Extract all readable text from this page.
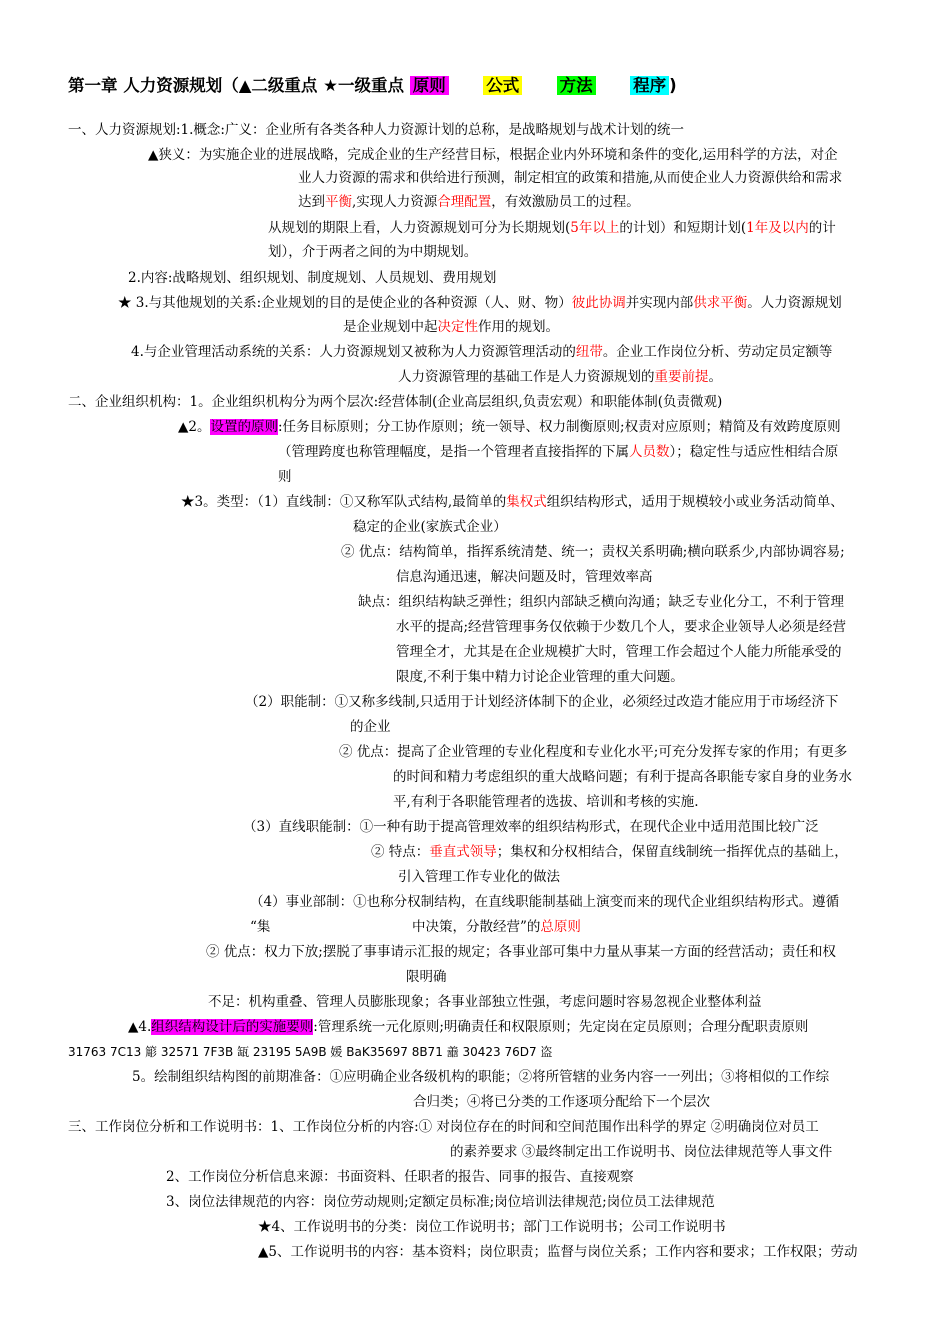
第一章 人力资源规划（▲二级重点 ★一级重点 原则 公式 方法 程序 )
一、人力资源规划:1.概念:广义：企业所有各类各种人力资源计划的总称，是战略规划与战术计划的统一
▲狭义：为实施企业的进展战略，完成企业的生产经营目标，根据企业内外环境和条件的变化,运用科学的方法，对企
业人力资源的需求和供给进行预测，制定相宜的政策和措施,从而使企业人力资源供给和需求
达到平衡,实现人力资源合理配置，有效激励员工的过程。
从规划的期限上看，人力资源规划可分为长期规划(5年以上的计划）和短期计划(1年及以内的计
划），介于两者之间的为中期规划。
2.内容:战略规划、组织规划、制度规划、人员规划、费用规划
★ 3.与其他规划的关系:企业规划的目的是使企业的各种资源（人、财、物）彼此协调并实现内部供求平衡。人力资源规划
是企业规划中起决定性作用的规划。
4.与企业管理活动系统的关系：人力资源规划又被称为人力资源管理活动的纽带。企业工作岗位分析、劳动定员定额等
人力资源管理的基础工作是人力资源规划的重要前提。
二、企业组织机构：1。企业组织机构分为两个层次:经营体制(企业高层组织,负责宏观）和职能体制(负责微观)
▲2。设置的原则:任务目标原则；分工协作原则；统一领导、权力制衡原则;权责对应原则；精简及有效跨度原则
（管理跨度也称管理幅度，是指一个管理者直接指挥的下属人员数）；稳定性与适应性相结合原
则
★3。类型：（1）直线制：①又称军队式结构,最简单的集权式组织结构形式，适用于规模较小或业务活动简单、
稳定的企业(家族式企业）
② 优点：结构简单，指挥系统清楚、统一；责权关系明确;横向联系少,内部协调容易;
信息沟通迅速，解决问题及时，管理效率高
缺点：组织结构缺乏弹性；组织内部缺乏横向沟通；缺乏专业化分工，不利于管理
水平的提高;经营管理事务仅依赖于少数几个人，要求企业领导人必须是经营
管理全才，尤其是在企业规模扩大时，管理工作会超过个人能力所能承受的
限度,不利于集中精力讨论企业管理的重大问题。
（2）职能制：①又称多线制,只适用于计划经济体制下的企业，必须经过改造才能应用于市场经济下
的企业
② 优点：提高了企业管理的专业化程度和专业化水平;可充分发挥专家的作用；有更多
的时间和精力考虑组织的重大战略问题；有利于提高各职能专家自身的业务水
平,有利于各职能管理者的选拔、培训和考核的实施.
（3）直线职能制：①一种有助于提高管理效率的组织结构形式，在现代企业中适用范围比较广泛
② 特点：垂直式领导；集权和分权相结合，保留直线制统一指挥优点的基础上，
引入管理工作专业化的做法
（4）事业部制：①也称分权制结构，在直线职能制基础上演变而来的现代企业组织结构形式。遵循
“集	中决策，分散经营”的总原则
② 优点：权力下放;摆脱了事事请示汇报的规定；各事业部可集中力量从事某一方面的经营活动；责任和权
限明确
不足：机构重叠、管理人员膨胀现象；各事业部独立性强，考虑问题时容易忽视企业整体利益
▲4.组织结构设计后的实施要则:管理系统一元化原则;明确责任和权限原则；先定岗在定员原则；合理分配职责原则
31763 7C13 簓 32571 7F3B 缻 23195 5A9B 媛 BaK35697 8B71 譱 30423 76D7 盗
5。绘制组织结构图的前期准备：①应明确企业各级机构的职能；②将所管辖的业务内容一一列出；③将相似的工作综
合归类；④将已分类的工作逐项分配给下一个层次
三、工作岗位分析和工作说明书：1、工作岗位分析的内容:① 对岗位存在的时间和空间范围作出科学的界定 ②明确岗位对员工
的素养要求 ③最终制定出工作说明书、岗位法律规范等人事文件
2、工作岗位分析信息来源：书面资料、任职者的报告、同事的报告、直接观察
3、岗位法律规范的内容：岗位劳动规则;定额定员标准;岗位培训法律规范;岗位员工法律规范
★4、工作说明书的分类：岗位工作说明书；部门工作说明书；公司工作说明书
▲5、工作说明书的内容：基本资料；岗位职责；监督与岗位关系；工作内容和要求；工作权限；劳动
